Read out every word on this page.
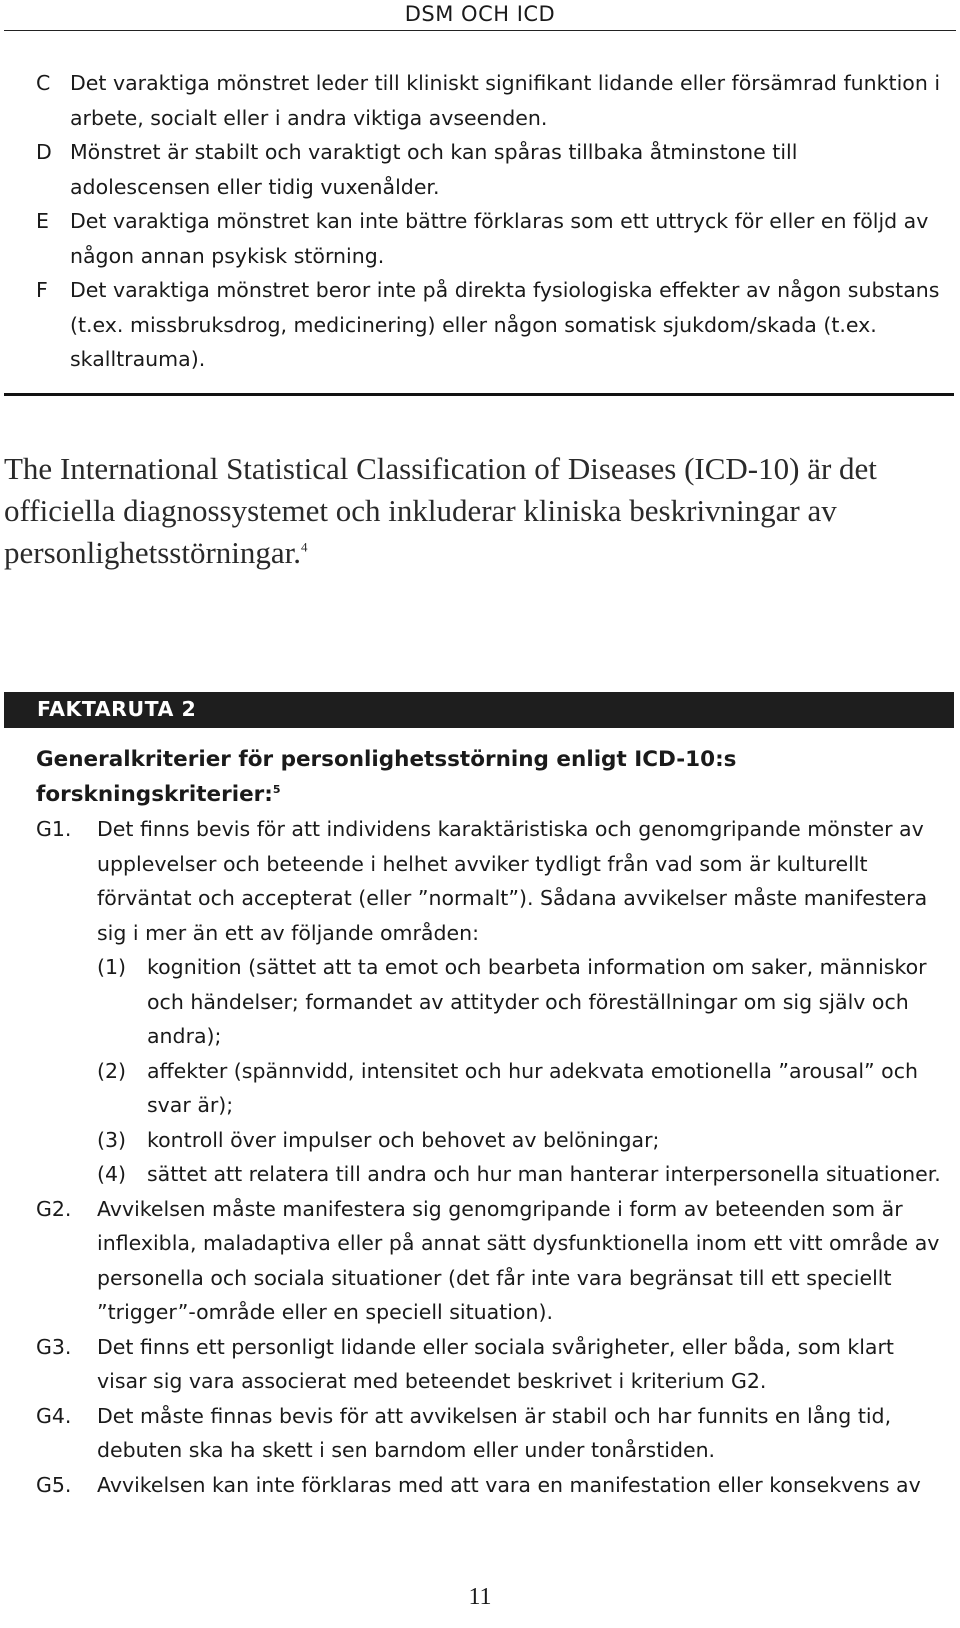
DSM OCH ICD
C Det varaktiga mönstret leder till kliniskt signifikant lidande eller försämrad funktion i arbete, socialt eller i andra viktiga avseenden.
D Mönstret är stabilt och varaktigt och kan spåras tillbaka åtminstone till adolescensen eller tidig vuxenålder.
E Det varaktiga mönstret kan inte bättre förklaras som ett uttryck för eller en följd av någon annan psykisk störning.
F Det varaktiga mönstret beror inte på direkta fysiologiska effekter av någon substans (t.ex. missbruksdrog, medicinering) eller någon somatisk sjukdom/skada (t.ex. skalltrauma).
The International Statistical Classification of Diseases (ICD-10) är det officiella diagnossystemet och inkluderar kliniska beskrivningar av personlighetsstörningar.$^4$
FAKTARUTA 2
Generalkriterier för personlighetsstörning enligt ICD-10:s forskningskriterier:$^5$
G1. Det finns bevis för att individens karaktäristiska och genomgripande mönster av upplevelser och beteende i helhet avviker tydligt från vad som är kulturellt förväntat och accepterat (eller ”normalt”). Sådana avvikelser måste manifestera sig i mer än ett av följande områden:
(1) kognition (sättet att ta emot och bearbeta information om saker, människor och händelser; formandet av attityder och föreställningar om sig själv och andra);
(2) affekter (spännvidd, intensitet och hur adekvata emotionella ”arousal” och svar är);
(3) kontroll över impulser och behovet av belöningar;
(4) sättet att relatera till andra och hur man hanterar interpersonella situationer.
G2. Avvikelsen måste manifestera sig genomgripande i form av beteenden som är inflexibla, maladaptiva eller på annat sätt dysfunktionella inom ett vitt område av personella och sociala situationer (det får inte vara begränsat till ett speciellt ”trigger”-område eller en speciell situation).
G3. Det finns ett personligt lidande eller sociala svårigheter, eller båda, som klart visar sig vara associerat med beteendet beskrivet i kriterium G2.
G4. Det måste finnas bevis för att avvikelsen är stabil och har funnits en lång tid, debuten ska ha skett i sen barndom eller under tonårstiden.
G5. Avvikelsen kan inte förklaras med att vara en manifestation eller konsekvens av
11
